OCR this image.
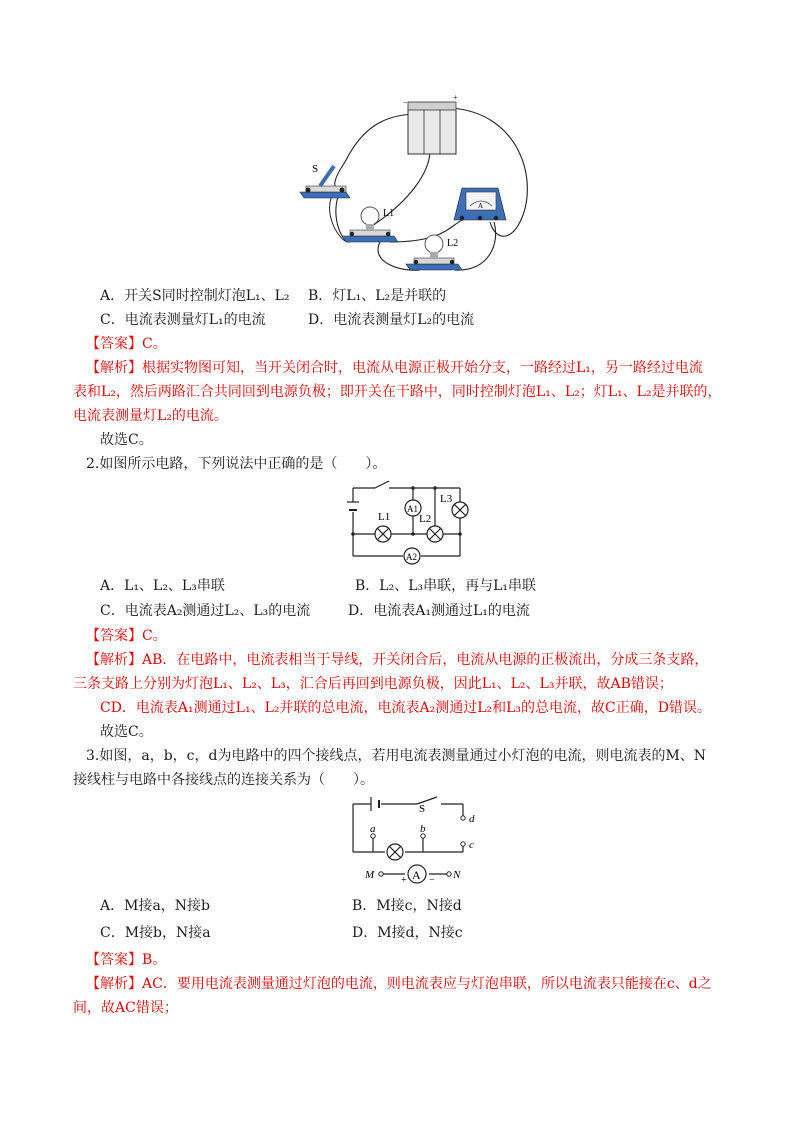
−
+
S
L1
L2
A
A．开关S同时控制灯泡L₁、L₂ B．灯L₁、L₂是并联的
C．电流表测量灯L₁的电流	D．电流表测量灯L₂的电流
【答案】C。
【解析】根据实物图可知，当开关闭合时，电流从电源正极开始分支，一路经过L₁，另一路经过电流
表和L₂，然后两路汇合共同回到电源负极；即开关在干路中，同时控制灯泡L₁、L₂；灯L₁、L₂是并联的，
电流表测量灯L₂的电流。
故选C。
2.如图所示电路，下列说法中正确的是（　　）。
L1	L2
L3
A1
A2
A．L₁、L₂、L₃串联	B．L₂、L₃串联，再与L₁串联
C．电流表A₂测通过L₂、L₃的电流	D．电流表A₁测通过L₁的电流
【答案】C。
【解析】AB．在电路中，电流表相当于导线，开关闭合后，电流从电源的正极流出，分成三条支路，
三条支路上分别为灯泡L₁、L₂、L₃，汇合后再回到电源负极，因此L₁、L₂、L₃并联，故AB错误；
CD．电流表A₁测通过L₁、L₂并联的总电流，电流表A₂测通过L₂和L₃的总电流，故C正确，D错误。
故选C。
3.如图，a，b，c，d为电路中的四个接线点，若用电流表测量通过小灯泡的电流，则电流表的M、N
接线柱与电路中各接线点的连接关系为（　　）。
A
+ −
S
a	b
c
d
M	N
A．M接a，N接b	B．M接c，N接d
C．M接b，N接a	D．M接d，N接c
【答案】B。
【解析】AC．要用电流表测量通过灯泡的电流，则电流表应与灯泡串联，所以电流表只能接在c、d之
间，故AC错误；
